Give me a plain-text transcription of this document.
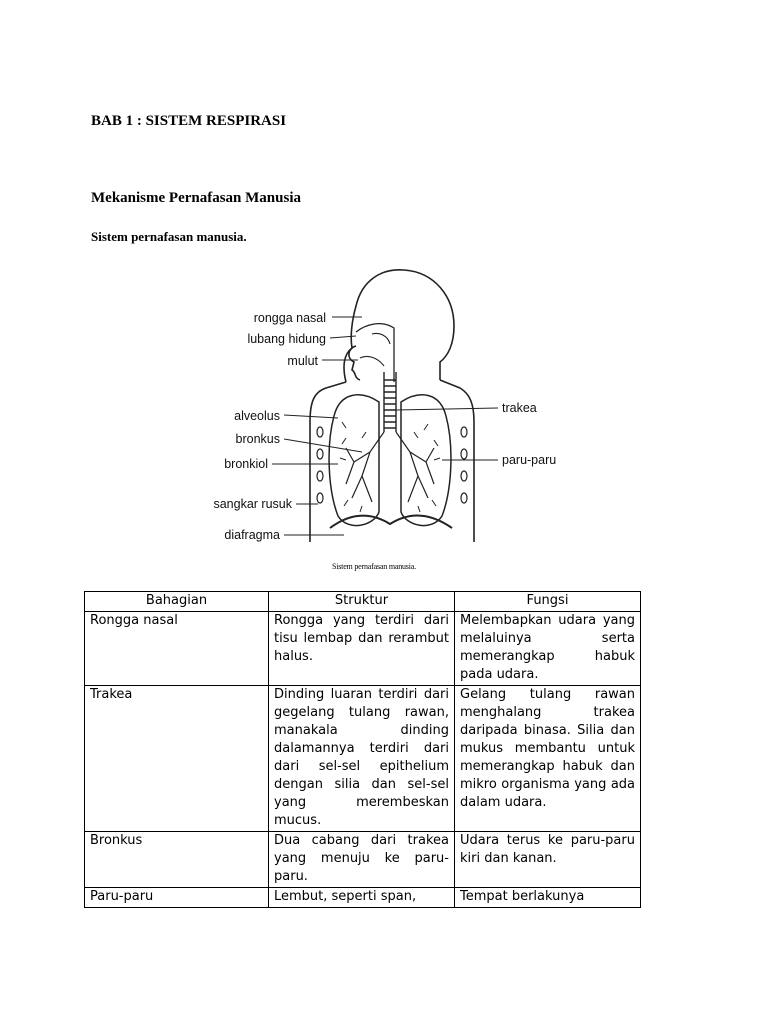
BAB 1 : SISTEM RESPIRASI
Mekanisme Pernafasan Manusia
Sistem pernafasan manusia.
rongga nasal
lubang hidung
mulut
alveolus
bronkus
bronkiol
sangkar rusuk
diafragma
trakea
paru-paru
Sistem pernafasan manusia.
Bahagian	Struktur	Fungsi
Rongga nasal	Rongga yang terdiri dari tisu lembap dan rerambut halus.	Melembapkan udara yang melaluinya serta memerangkap habuk pada udara.
Trakea	Dinding luaran terdiri dari gegelang tulang rawan, manakala dinding dalamannya terdiri dari dari sel-sel epithelium dengan silia dan sel-sel yang merembeskan mucus.	Gelang tulang rawan menghalang trakea daripada binasa. Silia dan mukus membantu untuk memerangkap habuk dan mikro organisma yang ada dalam udara.
Bronkus	Dua cabang dari trakea yang menuju ke paru-paru.	Udara terus ke paru-paru kiri dan kanan.
Paru-paru	Lembut, seperti span,	Tempat berlakunya
